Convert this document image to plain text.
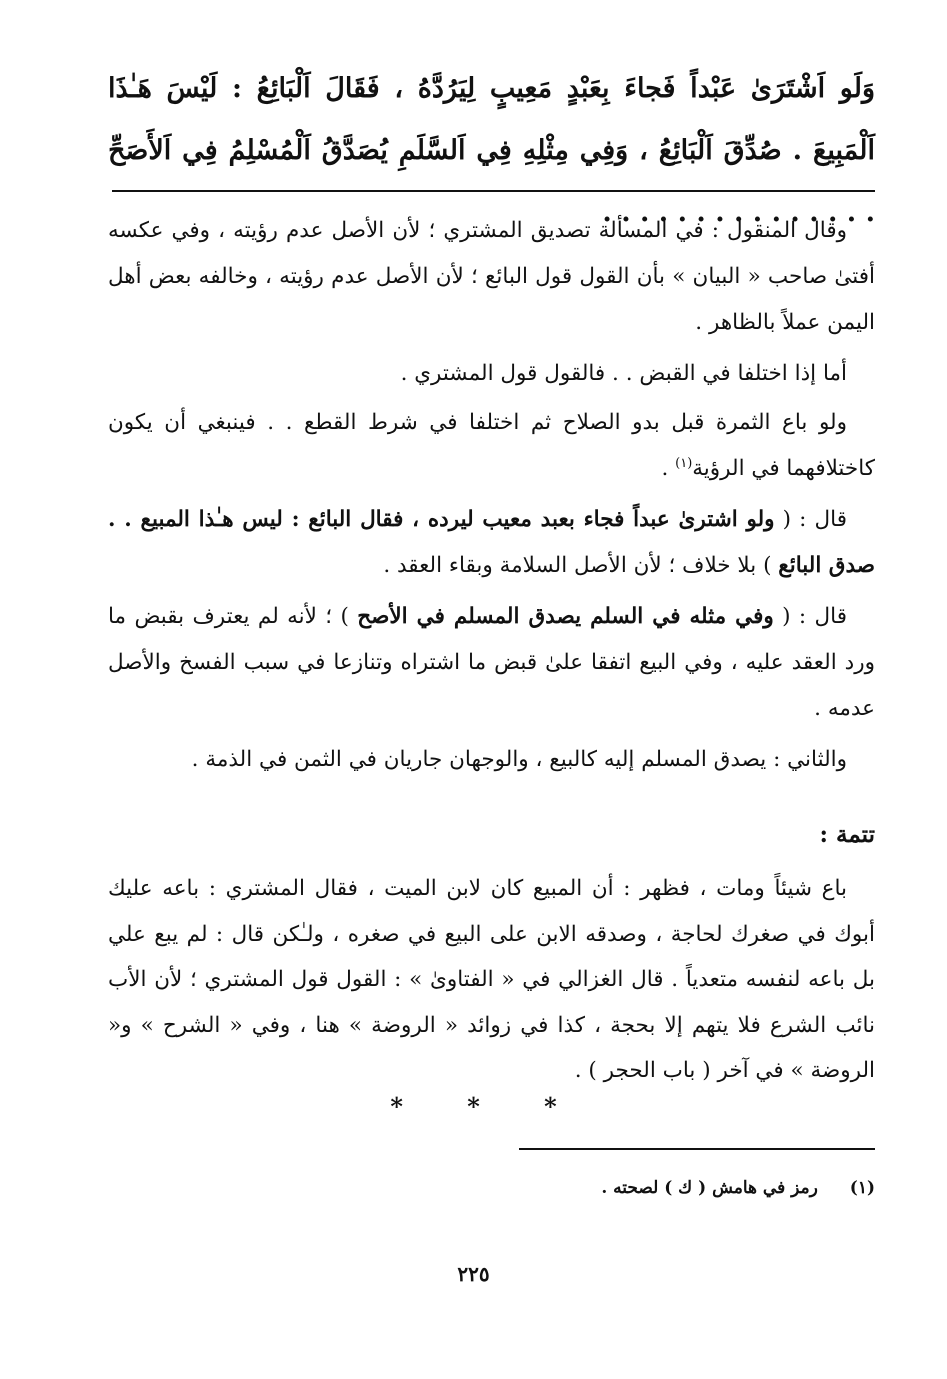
وَلَو اَشْتَرَىٰ عَبْداً فَجاءَ بِعَبْدٍ مَعِيبٍ لِيَرُدَّهُ ، فَقَالَ اَلْبَائِعُ : لَيْسَ هَـٰذَا اَلْمَبِيعَ . صُدِّقَ اَلْبَائِعُ ، وَفِي مِثْلِهِ فِي اَلسَّلَمِ يُصَدَّقُ اَلْمُسْلِمُ فِي اَلأَصَحِّ . . . . . . . . . . . . . . .

وقال المنقول : في المسألة تصديق المشتري ؛ لأن الأصل عدم رؤيته ، وفي عكسه أفتىٰ صاحب « البيان » بأن القول قول البائع ؛ لأن الأصل عدم رؤيته ، وخالفه بعض أهل اليمن عملاً بالظاهر .

أما إذا اختلفا في القبض . . فالقول قول المشتري .

ولو باع الثمرة قبل بدو الصلاح ثم اختلفا في شرط القطع . . فينبغي أن يكون كاختلافهما في الرؤية$^{(١)}$ .

قال : ( ولو اشترىٰ عبداً فجاء بعبد معيب ليرده ، فقال البائع : ليس هـٰذا المبيع . . صدق البائع ) بلا خلاف ؛ لأن الأصل السلامة وبقاء العقد .

قال : ( وفي مثله في السلم يصدق المسلم في الأصح ) ؛ لأنه لم يعترف بقبض ما ورد العقد عليه ، وفي البيع اتفقا علىٰ قبض ما اشتراه وتنازعا في سبب الفسخ والأصل عدمه .

والثاني : يصدق المسلم إليه كالبيع ، والوجهان جاريان في الثمن في الذمة .

تتمة :

باع شيئاً ومات ، فظهر : أن المبيع كان لابن الميت ، فقال المشتري : باعه عليك أبوك في صغرك لحاجة ، وصدقه الابن على البيع في صغره ، ولـٰكن قال : لم يبع علي بل باعه لنفسه متعدياً . قال الغزالي في « الفتاوىٰ » : القول قول المشتري ؛ لأن الأب نائب الشرع فلا يتهم إلا بحجة ، كذا في زوائد « الروضة » هنا ، وفي « الشرح » و« الروضة » في آخر ( باب الحجر ) .

* * *
(١) رمز في هامش ( ك ) لصحته .
٢٢٥
